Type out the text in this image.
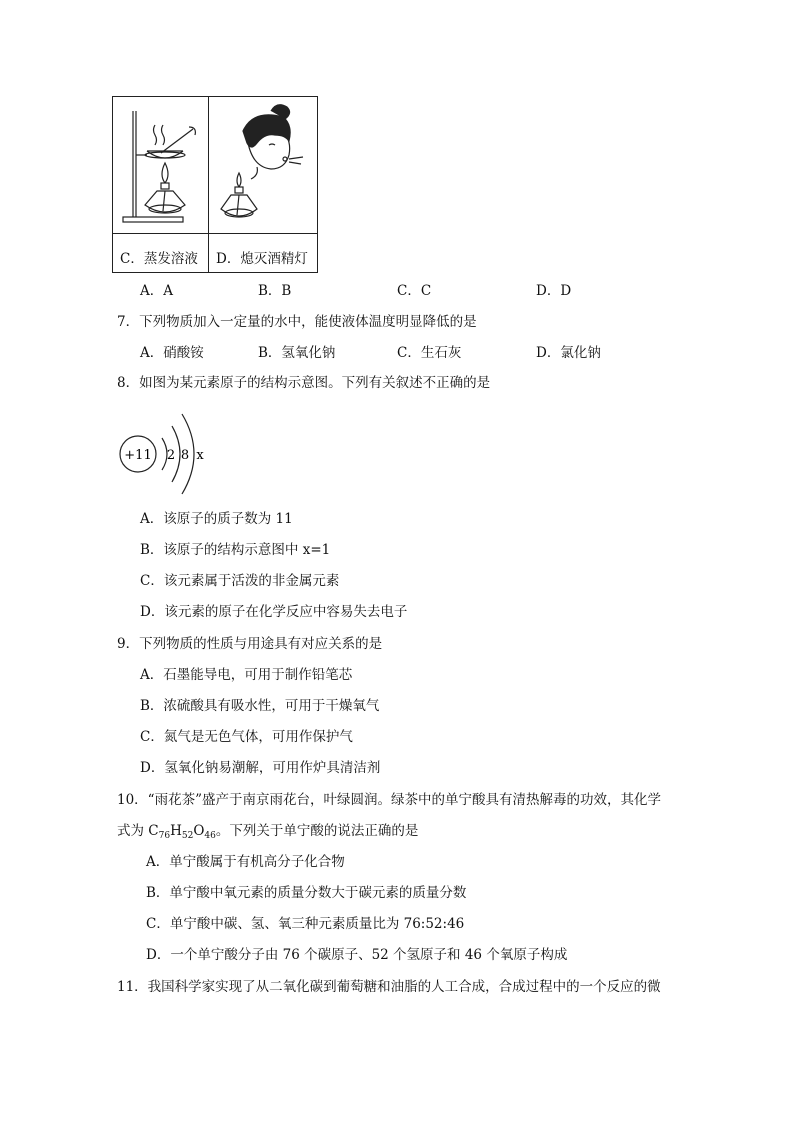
C．蒸发溶液 D．熄灭酒精灯
A．A	B．B	C．C	D．D
7．下列物质加入一定量的水中，能使液体温度明显降低的是
A．硝酸铵	B．氢氧化钠	C．生石灰	D．氯化钠
8．如图为某元素原子的结构示意图。下列有关叙述不正确的是
+11 2 8 x
A．该原子的质子数为 11
B．该原子的结构示意图中 x=1
C．该元素属于活泼的非金属元素
D．该元素的原子在化学反应中容易失去电子
9．下列物质的性质与用途具有对应关系的是
A．石墨能导电，可用于制作铅笔芯
B．浓硫酸具有吸水性，可用于干燥氧气
C．氮气是无色气体，可用作保护气
D．氢氧化钠易潮解，可用作炉具清洁剂
10．“雨花茶”盛产于南京雨花台，叶绿圆润。绿茶中的单宁酸具有清热解毒的功效，其化学
式为 $C_{76}H_{52}O_{46}$。下列关于单宁酸的说法正确的是
A．单宁酸属于有机高分子化合物
B．单宁酸中氧元素的质量分数大于碳元素的质量分数
C．单宁酸中碳、氢、氧三种元素质量比为 76:52:46
D．一个单宁酸分子由 76 个碳原子、52 个氢原子和 46 个氧原子构成
11．我国科学家实现了从二氧化碳到葡萄糖和油脂的人工合成，合成过程中的一个反应的微
